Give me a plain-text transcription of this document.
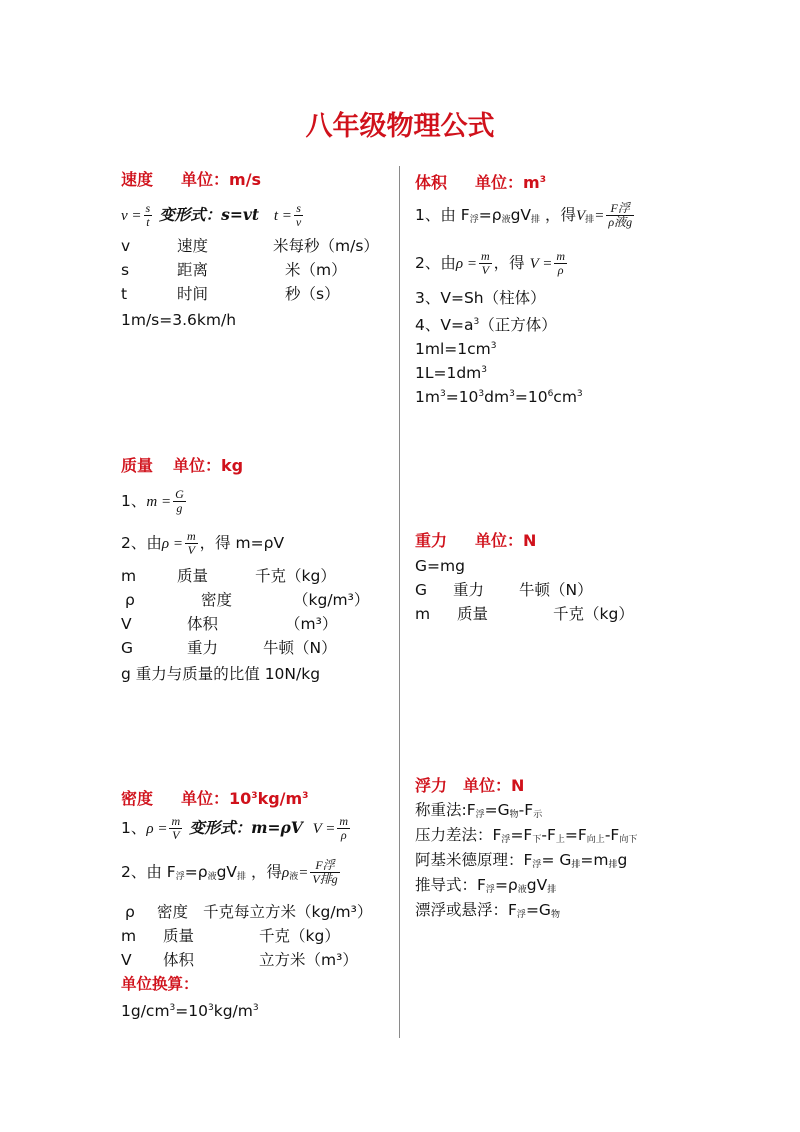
八年级物理公式
速度 单位：m/s
$v = \frac{s}{t}$ 变形式：s=vt $t = \frac{s}{v}$
v	速度	米每秒（m/s）
s	距离	米（m）
t	时间	秒（s）
1m/s=3.6km/h
体积 单位：$m^3$
1、由 $F_浮=\rho_液gV_排$ ，得$V_排= \frac{\text{F浮}}{\text{ρ液g}}$
2、由$\rho = \frac{m}{V}$ ，得 $V = \frac{m}{\rho}$
3、V=Sh（柱体）
4、$V=a^3$（正方体）
$1ml=1cm^3$
$1L=1dm^3$
$1m^3=10^3dm^3=10^6cm^3$
质量 单位：kg
1、$m = \frac{G}{g}$
2、由$\rho = \frac{m}{V}$ ，得 m=ρV
m	质量	千克（kg）
ρ	密度	（kg/m³）
V	体积	（m³）
G	重力	牛顿（N）
g 重力与质量的比值 10N/kg
重力 单位：N
G=mg
G 重力 牛顿（N）
m 质量	千克（kg）
密度 单位：$10^3kg/m^3$
1、$\rho = \frac{m}{V}$ 变形式：m=ρV $V = \frac{m}{\rho}$
2、由 $F_浮=\rho_液gV_排$ ，得$\rho_液= \frac{\text{F浮}}{\text{V排g}}$
ρ 密度 千克每立方米（kg/m³）
m 质量	千克（kg）
V 体积	立方米（m³）
单位换算：
$1g/cm^3=10^3kg/m^3$
浮力 单位：N
称重法$:F_浮=G_物-F_示$
压力差法：$F_浮=F_下-F_上=F_{向上}-F_{向下}$
阿基米德原理：$F_浮= G_排=m_排g$
推导式：$F_浮=\rho_液gV_排$
漂浮或悬浮：$F_浮=G_物$
